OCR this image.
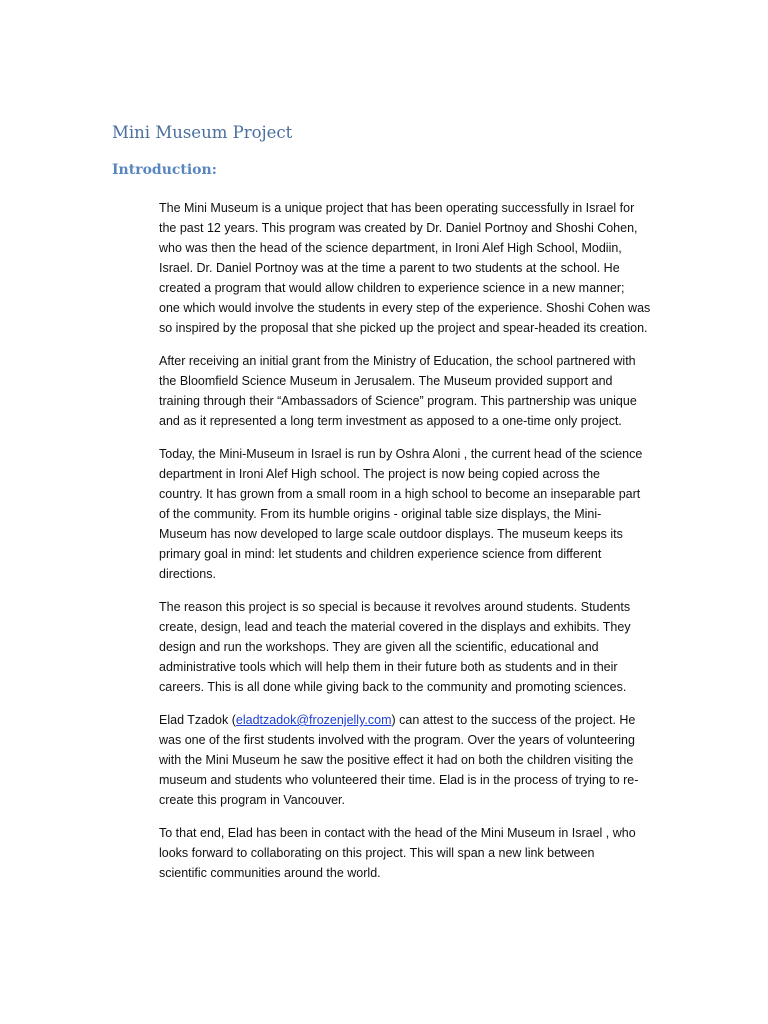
Mini Museum Project
Introduction:

The Mini Museum is a unique project that has been operating successfully in Israel for
the past 12 years. This program was created by Dr. Daniel Portnoy and Shoshi Cohen,
who was then the head of the science department, in Ironi Alef High School, Modiin,
Israel. Dr. Daniel Portnoy was at the time a parent to two students at the school. He
created a program that would allow children to experience science in a new manner;
one which would involve the students in every step of the experience. Shoshi Cohen was
so inspired by the proposal that she picked up the project and spear-headed its creation.

After receiving an initial grant from the Ministry of Education, the school partnered with
the Bloomfield Science Museum in Jerusalem. The Museum provided support and
training through their “Ambassadors of Science” program. This partnership was unique
and as it represented a long term investment as apposed to a one-time only project.

Today, the Mini-Museum in Israel is run by Oshra Aloni , the current head of the science
department in Ironi Alef High school. The project is now being copied across the
country. It has grown from a small room in a high school to become an inseparable part
of the community. From its humble origins - original table size displays, the Mini-
Museum has now developed to large scale outdoor displays. The museum keeps its
primary goal in mind: let students and children experience science from different
directions.

The reason this project is so special is because it revolves around students. Students
create, design, lead and teach the material covered in the displays and exhibits. They
design and run the workshops. They are given all the scientific, educational and
administrative tools which will help them in their future both as students and in their
careers. This is all done while giving back to the community and promoting sciences.

Elad Tzadok (eladtzadok@frozenjelly.com) can attest to the success of the project. He
was one of the first students involved with the program. Over the years of volunteering
with the Mini Museum he saw the positive effect it had on both the children visiting the
museum and students who volunteered their time. Elad is in the process of trying to re-
create this program in Vancouver.

To that end, Elad has been in contact with the head of the Mini Museum in Israel , who
looks forward to collaborating on this project. This will span a new link between
scientific communities around the world.
